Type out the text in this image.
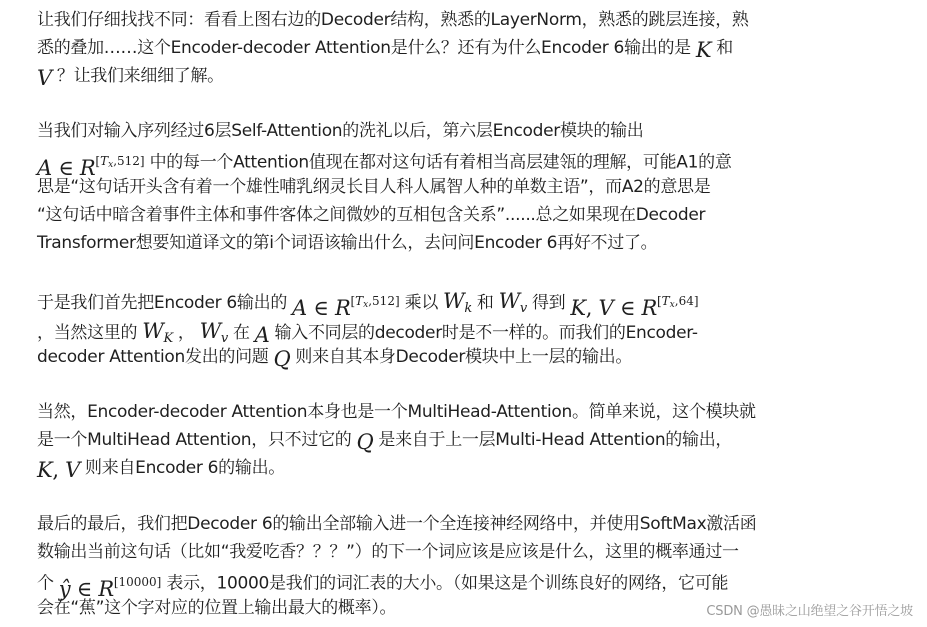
让我们仔细找找不同：看看上图右边的Decoder结构，熟悉的LayerNorm，熟悉的跳层连接，熟
悉的叠加……这个Encoder-decoder Attention是什么？还有为什么Encoder 6输出的是 K 和
V ？让我们来细细了解。
当我们对输入序列经过6层Self-Attention的洗礼以后，第六层Encoder模块的输出
A ∈ R[Tx,512] 中的每一个Attention值现在都对这句话有着相当高层建瓴的理解，可能A1的意
思是“这句话开头含有着一个雄性哺乳纲灵长目人科人属智人种的单数主语”，而A2的意思是
“这句话中暗含着事件主体和事件客体之间微妙的互相包含关系”......总之如果现在Decoder
Transformer想要知道译文的第i个词语该输出什么，去问问Encoder 6再好不过了。
于是我们首先把Encoder 6输出的 A ∈ R[Tx,512] 乘以 $W_k$ 和 $W_v$ 得到 K, V ∈ R[Tx,64]
，当然这里的 $W_K$ ， $W_v$ 在 A 输入不同层的decoder时是不一样的。而我们的Encoder-
decoder Attention发出的问题 Q 则来自其本身Decoder模块中上一层的输出。
当然，Encoder-decoder Attention本身也是一个MultiHead-Attention。简单来说，这个模块就
是一个MultiHead Attention，只不过它的 Q 是来自于上一层Multi-Head Attention的输出，
K, V 则来自Encoder 6的输出。
最后的最后，我们把Decoder 6的输出全部输入进一个全连接神经网络中，并使用SoftMax激活函
数输出当前这句话（比如“我爱吃香？？？”）的下一个词应该是应该是什么，这里的概率通过一
个 ŷ ∈ R[10000] 表示，10000是我们的词汇表的大小。（如果这是个训练良好的网络，它可能
会在“蕉”这个字对应的位置上输出最大的概率）。	CSDN @愚昧之山绝望之谷开悟之坡
